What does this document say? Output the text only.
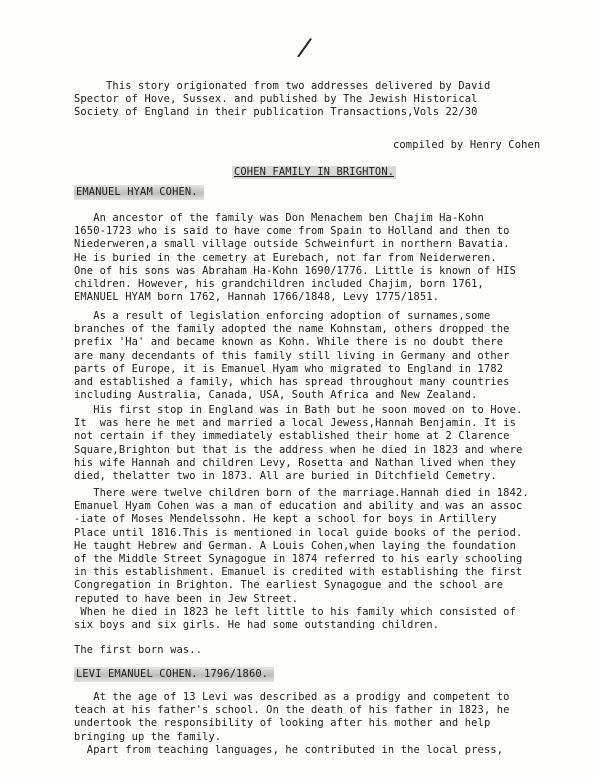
/
This story origionated from two addresses delivered by David
Spector of Hove, Sussex. and published by The Jewish Historical
Society of England in their publication Transactions,Vols 22/30
compiled by Henry Cohen
COHEN FAMILY IN BRIGHTON.
EMANUEL HYAM COHEN.
An ancestor of the family was Don Menachem ben Chajim Ha-Kohn
1650-1723 who is said to have come from Spain to Holland and then to
Niederweren,a small village outside Schweinfurt in northern Bavatia.
He is buried in the cemetry at Eurebach, not far from Neiderweren.
One of his sons was Abraham Ha-Kohn 1690/1776. Little is known of HIS
children. However, his grandchildren included Chajim, born 1761,
EMANUEL HYAM born 1762, Hannah 1766/1848, Levy 1775/1851.
As a result of legislation enforcing adoption of surnames,some
branches of the family adopted the name Kohnstam, others dropped the
prefix 'Ha' and became known as Kohn. While there is no doubt there
are many decendants of this family still living in Germany and other
parts of Europe, it is Emanuel Hyam who migrated to England in 1782
and established a family, which has spread throughout many countries
including Australia, Canada, USA, South Africa and New Zealand.
His first stop in England was in Bath but he soon moved on to Hove.
It  was here he met and married a local Jewess,Hannah Benjamin. It is
not certain if they immediately established their home at 2 Clarence
Square,Brighton but that is the address when he died in 1823 and where
his wife Hannah and children Levy, Rosetta and Nathan lived when they
died, thelatter two in 1873. All are buried in Ditchfield Cemetry.
There were twelve children born of the marriage.Hannah died in 1842.
Emanuel Hyam Cohen was a man of education and ability and was an assoc
-iate of Moses Mendelssohn. He kept a school for boys in Artillery
Place until 1816.This is mentioned in local guide books of the period.
He taught Hebrew and German. A Louis Cohen,when laying the foundation
of the Middle Street Synagogue in 1874 referred to his early schooling
in this establishment. Emanuel is credited with establishing the first
Congregation in Brighton. The earliest Synagogue and the school are
reputed to have been in Jew Street.
When he died in 1823 he left little to his family which consisted of
six boys and six girls. He had some outstanding children.
The first born was..
LEVI EMANUEL COHEN. 1796/1860.
At the age of 13 Levi was described as a prodigy and competent to
teach at his father's school. On the death of his father in 1823, he
undertook the responsibility of looking after his mother and help
bringing up the family.
Apart from teaching languages, he contributed in the local press,
